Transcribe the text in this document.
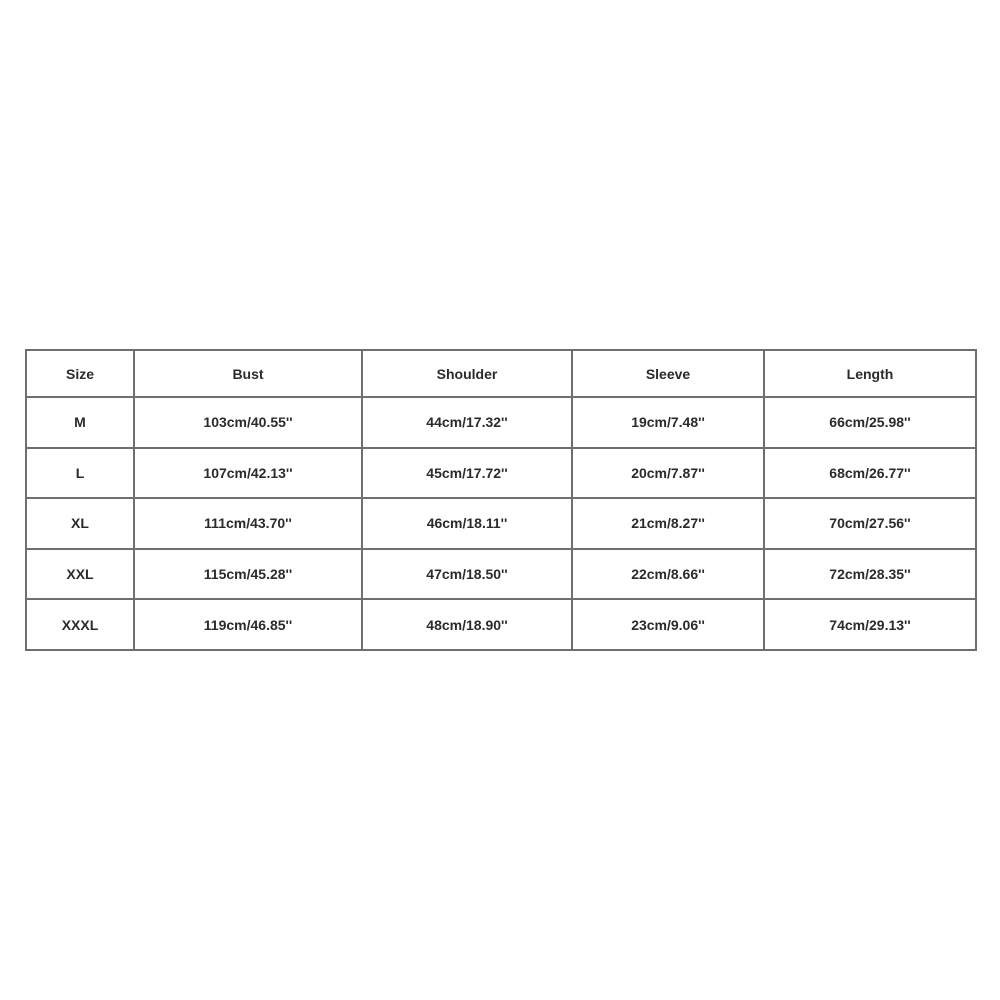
Size	Bust	Shoulder	Sleeve	Length
M	103cm/40.55''	44cm/17.32''	19cm/7.48''	66cm/25.98''
L	107cm/42.13''	45cm/17.72''	20cm/7.87''	68cm/26.77''
XL	111cm/43.70''	46cm/18.11''	21cm/8.27''	70cm/27.56''
XXL	115cm/45.28''	47cm/18.50''	22cm/8.66''	72cm/28.35''
XXXL	119cm/46.85''	48cm/18.90''	23cm/9.06''	74cm/29.13''
